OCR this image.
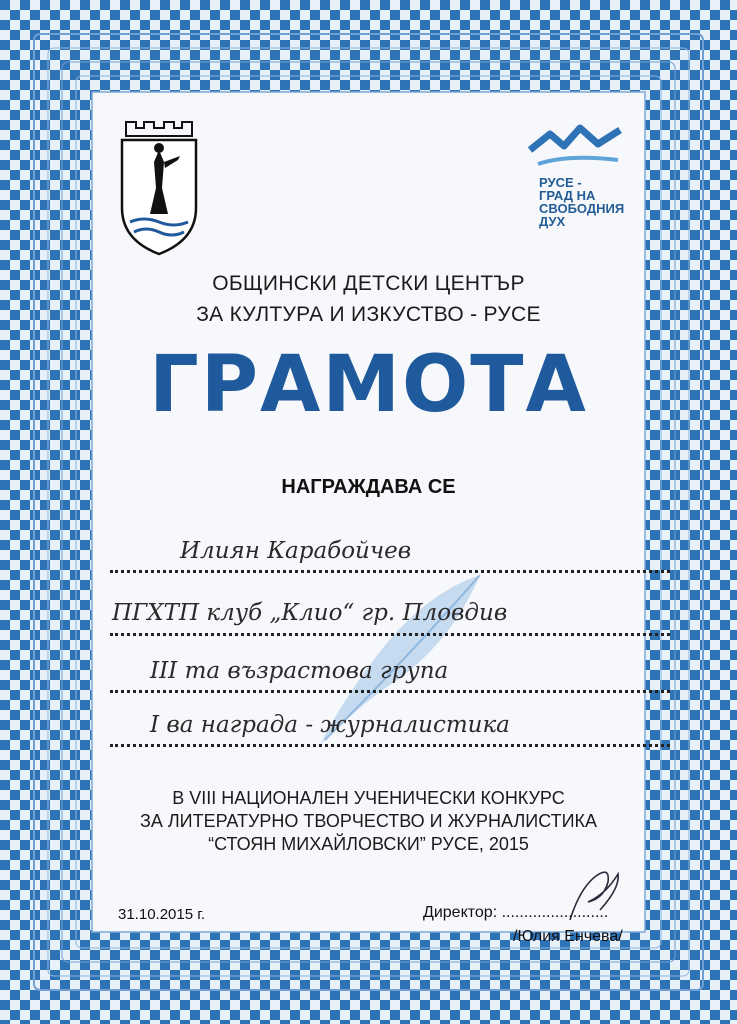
РУСЕ -
ГРАД НА
СВОБОДНИЯ
ДУХ
ОБЩИНСКИ ДЕТСКИ ЦЕНТЪР
ЗА КУЛТУРА И ИЗКУСТВО - РУСЕ
ГРАМОТА
НАГРАЖДАВА СЕ
Илиян Карабойчев
ПГХТП клуб „Клио“ гр. Пловдив
III та възрастова група
I ва награда - журналистика
В VIII НАЦИОНАЛЕН УЧЕНИЧЕСКИ КОНКУРС
ЗА ЛИТЕРАТУРНО ТВОРЧЕСТВО И ЖУРНАЛИСТИКА
“СТОЯН МИХАЙЛОВСКИ” РУСЕ, 2015
31.10.2015 г.	Директор: ........................
/Юлия Енчева/
